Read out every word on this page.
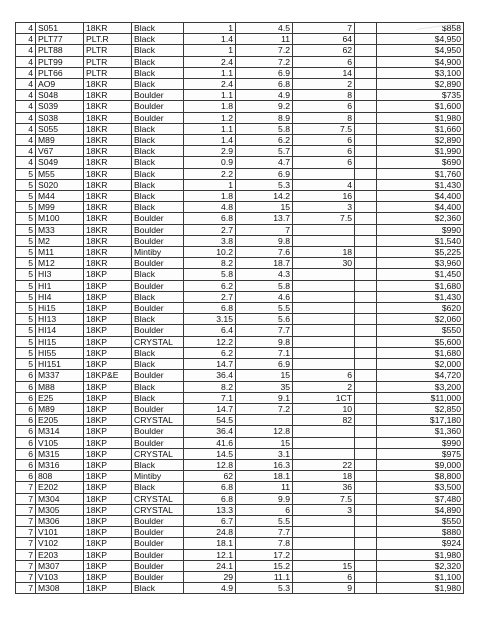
4	S051	18KR	Black	1	4.5	7		$858
4	PLT77	PLT.R	Black	1.4	11	64		$4,950
4	PLT88	PLTR	Black	1	7.2	62		$4,950
4	PLT99	PLTR	Black	2.4	7.2	6		$4,900
4	PLT66	PLTR	Black	1.1	6.9	14		$3,100
4	AO9	18KR	Black	2.4	6.8	2		$2,890
4	S048	18KR	Boulder	1.1	4.9	8		$735
4	S039	18KR	Boulder	1.8	9.2	6		$1,600
4	S038	18KR	Boulder	1.2	8.9	8		$1,980
4	S055	18KR	Black	1.1	5.8	7.5		$1,660
4	M89	18KR	Black	1.4	6.2	6		$2,890
4	V67	18KR	Black	2.9	5.7	6		$1,990
4	S049	18KR	Black	0.9	4.7	6		$690
5	M55	18KR	Black	2.2	6.9			$1,760
5	S020	18KR	Black	1	5.3	4		$1,430
5	M44	18KR	Black	1.8	14.2	16		$4,400
5	M99	18KR	Black	4.8	15	3		$4,400
5	M100	18KR	Boulder	6.8	13.7	7.5		$2,360
5	M33	18KR	Boulder	2.7	7			$990
5	M2	18KR	Boulder	3.8	9.8			$1,540
5	M11	18KR	Mintiby	10.2	7.6	18		$5,225
5	M12	18KR	Boulder	8.2	18.7	30		$3,960
5	HI3	18KP	Black	5.8	4.3			$1,450
5	HI1	18KP	Boulder	6.2	5.8			$1,680
5	HI4	18KP	Black	2.7	4.6			$1,430
5	Hi15	18KP	Boulder	6.8	5.5			$620
5	HI13	18KP	Black	3.15	5.6			$2,060
5	HI14	18KP	Boulder	6.4	7.7			$550
5	HI15	18KP	CRYSTAL	12.2	9.8			$5,600
5	HI55	18KP	Black	6.2	7.1			$1,680
5	HI151	18KP	Black	14.7	6.9			$2,000
6	M337	18KP&E	Boulder	36.4	15	6		$4,720
6	M88	18KP	Black	8.2	35	2		$3,200
6	E25	18KP	Black	7.1	9.1	1CT		$11,000
6	M89	18KP	Boulder	14.7	7.2	10		$2,850
6	E205	18KP	CRYSTAL	54.5		82		$17,180
6	M314	18KP	Boulder	36.4	12.8			$1,360
6	V105	18KP	Boulder	41.6	15			$990
6	M315	18KP	CRYSTAL	14.5	3.1			$975
6	M316	18KP	Black	12.8	16.3	22		$9,000
6	808	18KP	Mintiby	62	18.1	18		$8,800
7	E202	18KP	Black	6.8	11	36		$3,500
7	M304	18KP	CRYSTAL	6.8	9.9	7.5		$7,480
7	M305	18KP	CRYSTAL	13.3	6	3		$4,890
7	M306	18KP	Boulder	6.7	5.5			$550
7	V101	18KP	Boulder	24.8	7.7			$880
7	V102	18KP	Boulder	18.1	7.8			$924
7	E203	18KP	Boulder	12.1	17.2			$1,980
7	M307	18KP	Boulder	24.1	15.2	15		$2,320
7	V103	18KP	Boulder	29	11.1	6		$1,100
7	M308	18KP	Black	4.9	5.3	9		$1,980
